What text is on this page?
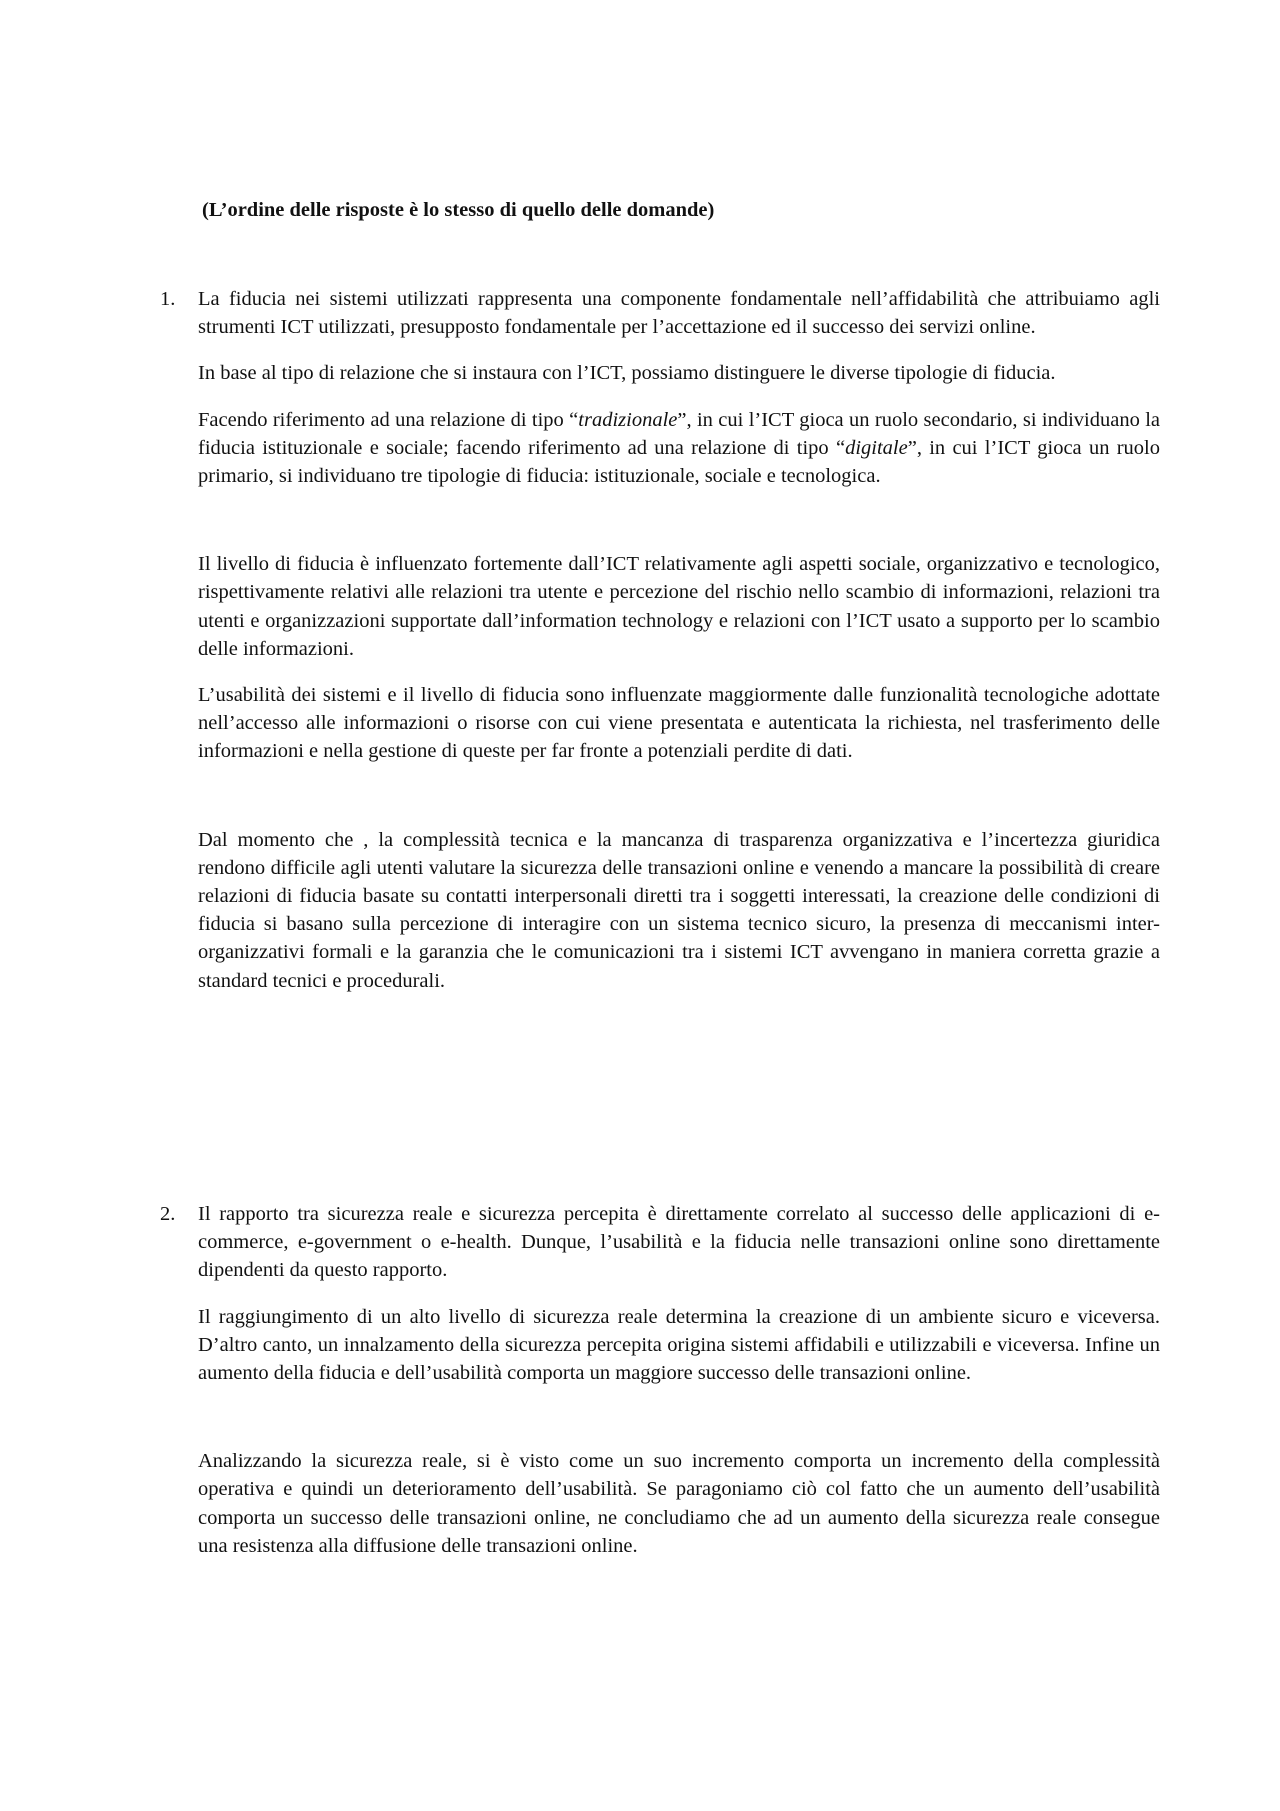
(L’ordine delle risposte è lo stesso di quello delle domande)
1.	La fiducia nei sistemi utilizzati rappresenta una componente fondamentale nell’affidabilità che attribuiamo agli strumenti ICT utilizzati, presupposto fondamentale per l’accettazione ed il successo dei servizi online.

In base al tipo di relazione che si instaura con l’ICT, possiamo distinguere le diverse tipologie di fiducia.

Facendo riferimento ad una relazione di tipo “tradizionale”, in cui l’ICT gioca un ruolo secondario, si individuano la fiducia istituzionale e sociale; facendo riferimento ad una relazione di tipo “digitale”, in cui l’ICT gioca un ruolo primario, si individuano tre tipologie di fiducia: istituzionale, sociale e tecnologica.

Il livello di fiducia è influenzato fortemente dall’ICT relativamente agli aspetti sociale, organizzativo e tecnologico, rispettivamente relativi alle relazioni tra utente e percezione del rischio nello scambio di informazioni, relazioni tra utenti e organizzazioni supportate dall’information technology e relazioni con l’ICT usato a supporto per lo scambio delle informazioni.

L’usabilità dei sistemi e il livello di fiducia sono influenzate maggiormente dalle funzionalità tecnologiche adottate nell’accesso alle informazioni o risorse con cui viene presentata e autenticata la richiesta, nel trasferimento delle informazioni e nella gestione di queste per far fronte a potenziali perdite di dati.

Dal momento che , la complessità tecnica e la mancanza di trasparenza organizzativa e l’incertezza giuridica rendono difficile agli utenti valutare la sicurezza delle transazioni online e venendo a mancare la possibilità di creare relazioni di fiducia basate su contatti interpersonali diretti tra i soggetti interessati, la creazione delle condizioni di fiducia si basano sulla percezione di interagire con un sistema tecnico sicuro, la presenza di meccanismi inter-organizzativi formali e la garanzia che le comunicazioni tra i sistemi ICT avvengano in maniera corretta grazie a standard tecnici e procedurali.

2.	Il rapporto tra sicurezza reale e sicurezza percepita è direttamente correlato al successo delle applicazioni di e-commerce, e-government o e-health. Dunque, l’usabilità e la fiducia nelle transazioni online sono direttamente dipendenti da questo rapporto.

Il raggiungimento di un alto livello di sicurezza reale determina la creazione di un ambiente sicuro e viceversa. D’altro canto, un innalzamento della sicurezza percepita origina sistemi affidabili e utilizzabili e viceversa. Infine un aumento della fiducia e dell’usabilità comporta un maggiore successo delle transazioni online.

Analizzando la sicurezza reale, si è visto come un suo incremento comporta un incremento della complessità operativa e quindi un deterioramento dell’usabilità. Se paragoniamo ciò col fatto che un aumento dell’usabilità comporta un successo delle transazioni online, ne concludiamo che ad un aumento della sicurezza reale consegue una resistenza alla diffusione delle transazioni online.
